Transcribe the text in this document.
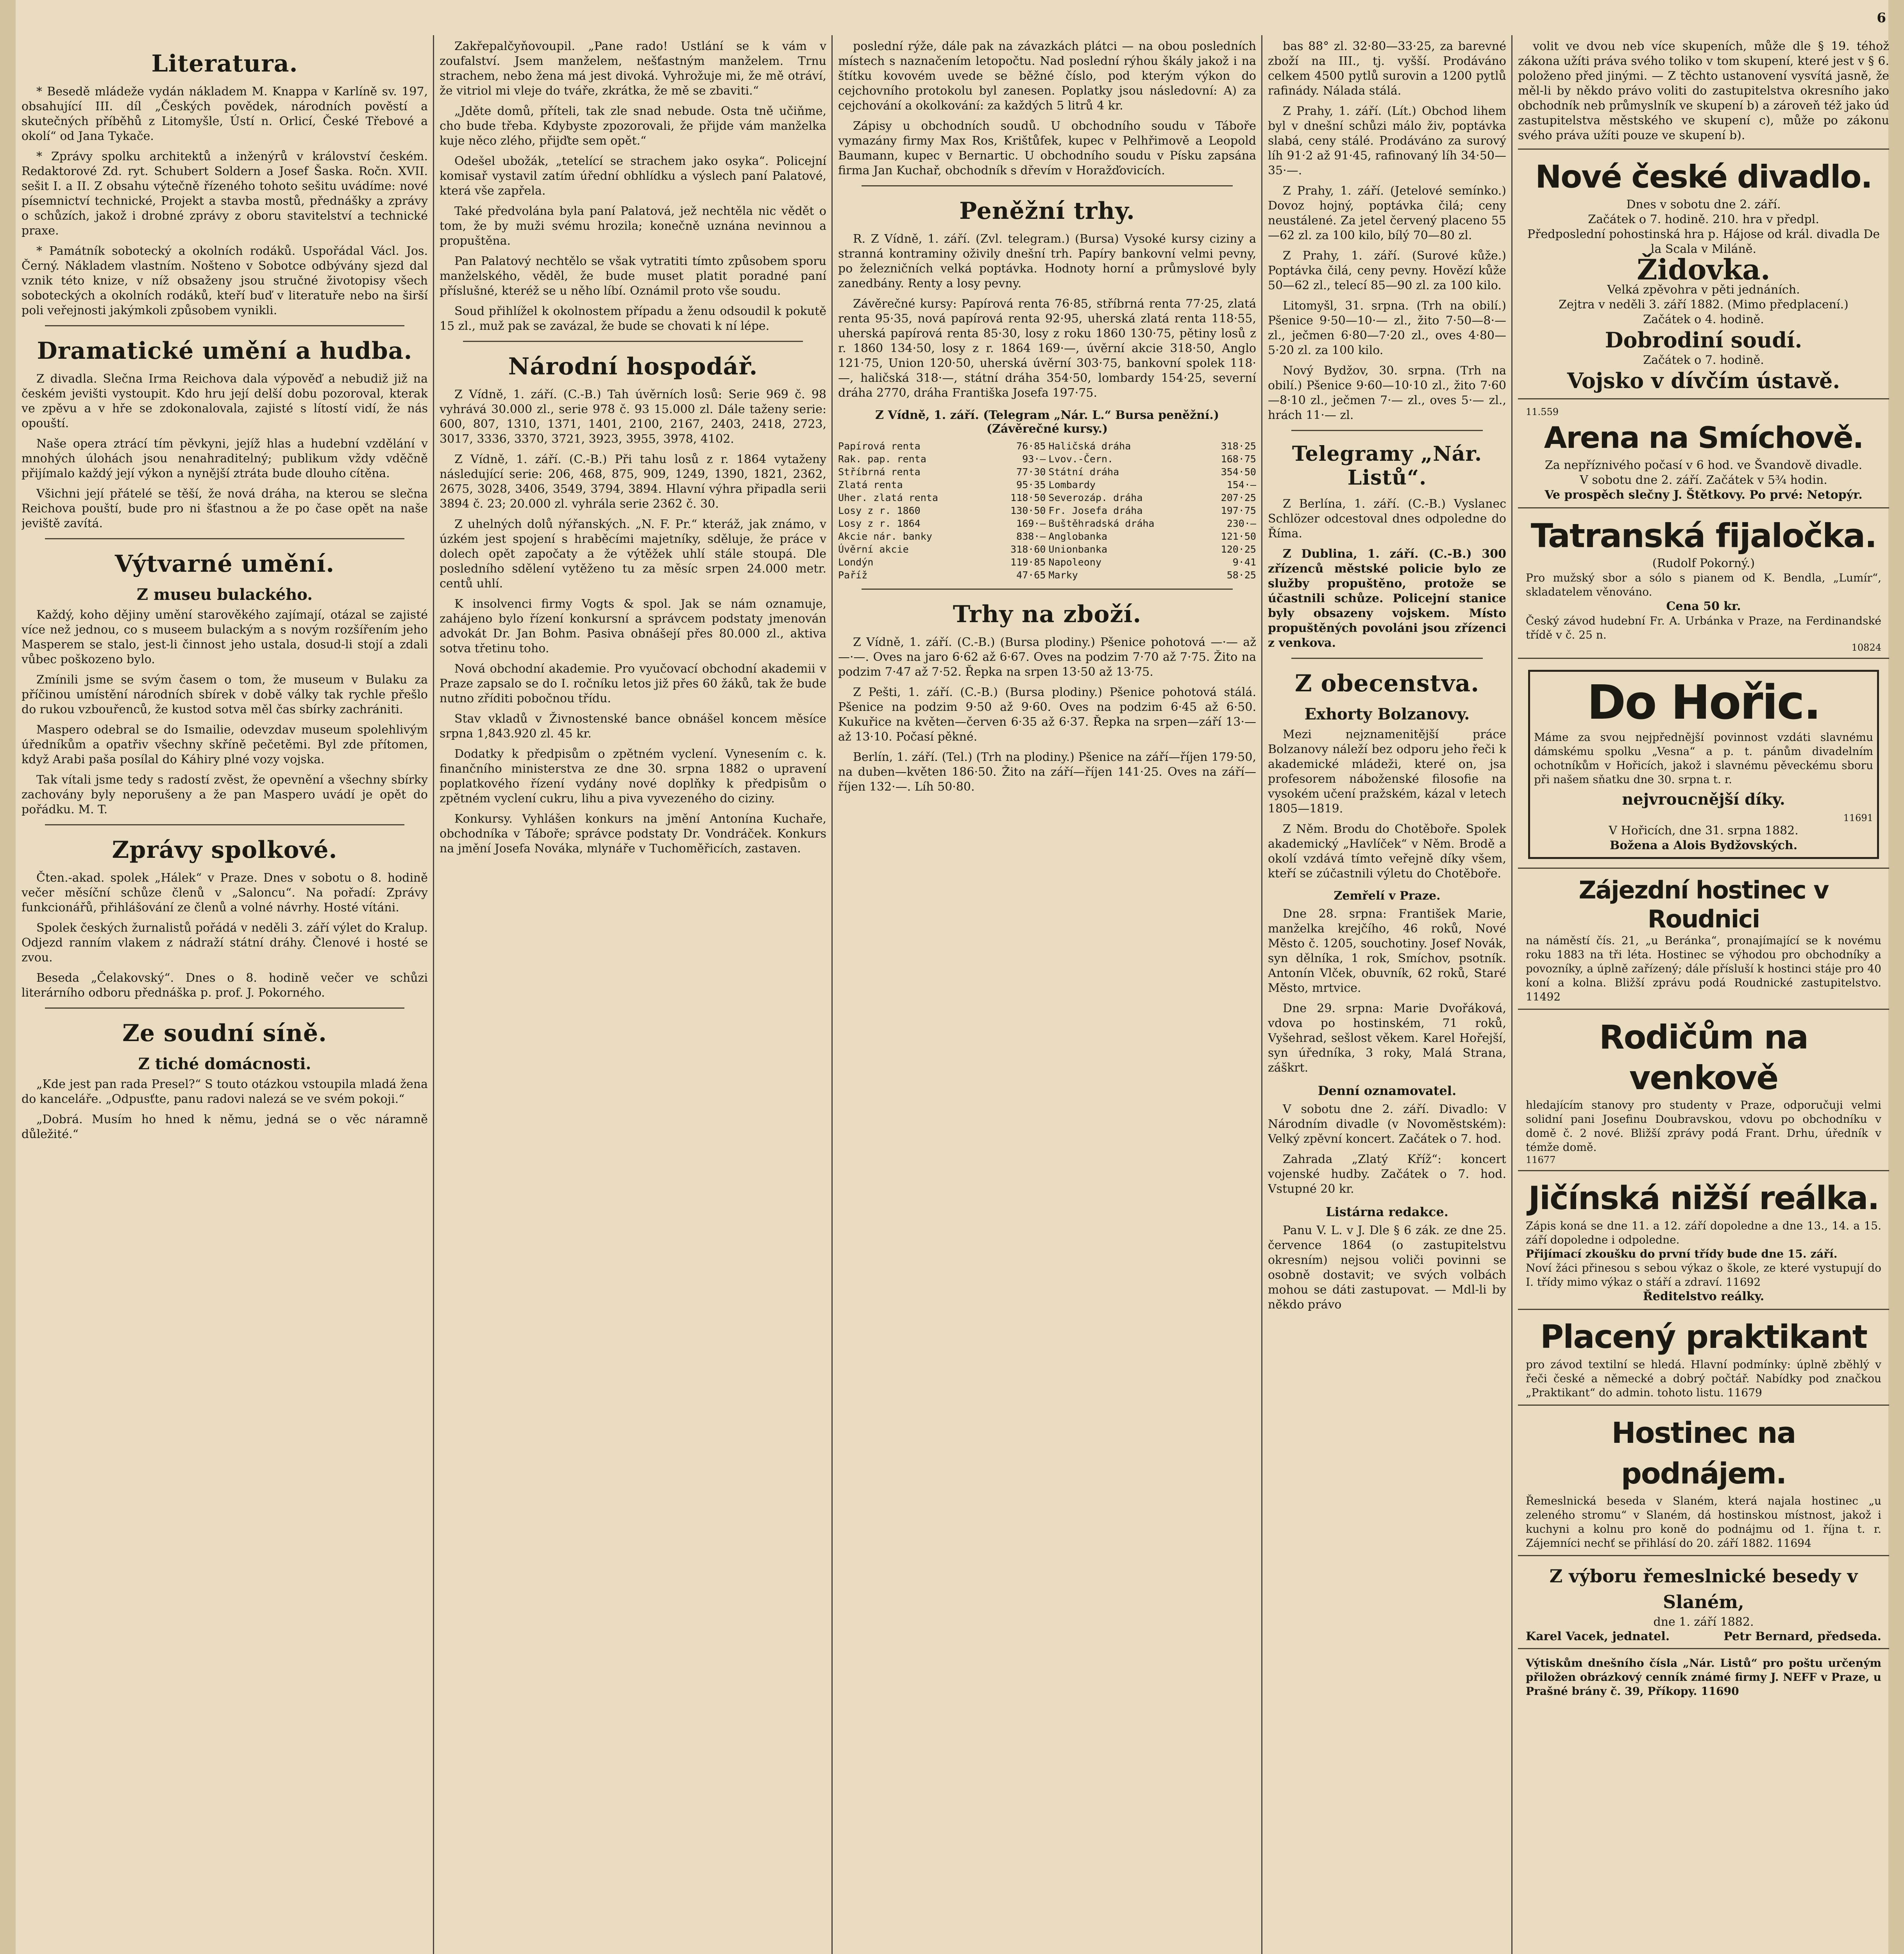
6
Literatura.

* Besedě mládeže vydán nákladem M. Knappa v Karlíně sv. 197, obsahující III. díl „Českých povědek, národních pověstí a skutečných příběhů z Litomyšle, Ústí n. Orlicí, České Třebové a okolí“ od Jana Tykače.

* Zprávy spolku architektů a inženýrů v království českém. Redaktorové Zd. ryt. Schubert Soldern a Josef Šaska. Ročn. XVII. sešit I. a II. Z obsahu výtečně řízeného tohoto sešitu uvádíme: nové písemnictví technické, Projekt a stavba mostů, přednášky a zprávy o schůzích, jakož i drobné zprávy z oboru stavitelství a technické praxe.

* Památník sobotecký a okolních rodáků. Uspořádal Václ. Jos. Černý. Nákladem vlastním. Nošteno v Sobotce odbývány sjezd dal vznik této knize, v níž obsaženy jsou stručné životopisy všech soboteckých a okolních rodáků, kteří buď v literatuře nebo na širší poli veřejnosti jakýmkoli způsobem vynikli.

Dramatické umění a hudba.

Z divadla. Slečna Irma Reichova dala výpověď a nebudiž již na českém jevišti vystoupit. Kdo hru její delší dobu pozoroval, kterak ve zpěvu a v hře se zdokonalovala, zajisté s lítostí vidí, že nás opouští.

Naše opera ztrácí tím pěvkyni, jejíž hlas a hudební vzdělání v mnohých úlohách jsou nenahraditelný; publikum vždy vděčně přijímalo každý její výkon a nynější ztráta bude dlouho cítěna.

Všichni její přátelé se těší, že nová dráha, na kterou se slečna Reichova pouští, bude pro ni šťastnou a že po čase opět na naše jeviště zavítá.

Výtvarné umění.
Z museu bulackého.

Každý, koho dějiny umění starověkého zajímají, otázal se zajisté více než jednou, co s museem bulackým a s novým rozšířením jeho Masperem se stalo, jest-li činnost jeho ustala, dosud-li stojí a zdali vůbec poškozeno bylo.

Zmínili jsme se svým časem o tom, že museum v Bulaku za příčinou umístění národních sbírek v době války tak rychle přešlo do rukou vzbouřenců, že kustod sotva měl čas sbírky zachrániti.

Maspero odebral se do Ismailie, odevzdav museum spolehlivým úředníkům a opatřiv všechny skříně pečetěmi. Byl zde přítomen, když Arabi paša posílal do Káhiry plné vozy vojska.

Tak vítali jsme tedy s radostí zvěst, že opevnění a všechny sbírky zachovány byly neporušeny a že pan Maspero uvádí je opět do pořádku. M. T.

Zprávy spolkové.

Čten.-akad. spolek „Hálek“ v Praze. Dnes v sobotu o 8. hodině večer měsíční schůze členů v „Saloncu“. Na pořadí: Zprávy funkcionářů, přihlášování ze členů a volné návrhy. Hosté vítáni.

Spolek českých žurnalistů pořádá v neděli 3. září výlet do Kralup. Odjezd ranním vlakem z nádraží státní dráhy. Členové i hosté se zvou.

Beseda „Čelakovský“. Dnes o 8. hodině večer ve schůzi literárního odboru přednáška p. prof. J. Pokorného.

Ze soudní síně.
Z tiché domácnosti.

„Kde jest pan rada Presel?“ S touto otázkou vstoupila mladá žena do kanceláře. „Odpusťte, panu radovi nalezá se ve svém pokoji.“

„Dobrá. Musím ho hned k němu, jedná se o věc náramně důležité.“

Zakřepalčyňovoupil. „Pane rado! Ustlání se k vám v zoufalství. Jsem manželem, nešťastným manželem. Trnu strachem, nebo žena má jest divoká. Vyhrožuje mi, že mě otráví, že vitriol mi vleje do tváře, zkrátka, že mě se zbaviti.“

„Jděte domů, příteli, tak zle snad nebude. Osta tně učiňme, cho bude třeba. Kdybyste zpozorovali, že přijde vám manželka kuje něco zlého, přijďte sem opět.“

Odešel ubožák, „tetelící se strachem jako osyka“. Policejní komisař vystavil zatím úřední obhlídku a výslech paní Palatové, která vše zapřela.

Také předvolána byla paní Palatová, jež nechtěla nic vědět o tom, že by muži svému hrozila; konečně uznána nevinnou a propuštěna.

Pan Palatový nechtělo se však vytratiti tímto způsobem sporu manželského, věděl, že bude muset platit poradné paní příslušné, kteréž se u něho líbí. Oznámil proto vše soudu.

Soud přihlížel k okolnostem případu a ženu odsoudil k pokutě 15 zl., muž pak se zavázal, že bude se chovati k ní lépe.

Národní hospodář.

Z Vídně, 1. září. (C.-B.) Tah úvěrních losů: Serie 969 č. 98 vyhrává 30.000 zl., serie 978 č. 93 15.000 zl. Dále taženy serie: 600, 807, 1310, 1371, 1401, 2100, 2167, 2403, 2418, 2723, 3017, 3336, 3370, 3721, 3923, 3955, 3978, 4102.

Z Vídně, 1. září. (C.-B.) Při tahu losů z r. 1864 vytaženy následující serie: 206, 468, 875, 909, 1249, 1390, 1821, 2362, 2675, 3028, 3406, 3549, 3794, 3894. Hlavní výhra připadla serii 3894 č. 23; 20.000 zl. vyhrála serie 2362 č. 30.

Z uhelných dolů nýřanských. „N. F. Pr.“ kteráž, jak známo, v úzkém jest spojení s hraběcími majetníky, sděluje, že práce v dolech opět započaty a že výtěžek uhlí stále stoupá. Dle posledního sdělení vytěženo tu za měsíc srpen 24.000 metr. centů uhlí.

K insolvenci firmy Vogts & spol. Jak se nám oznamuje, zahájeno bylo řízení konkursní a správcem podstaty jmenován advokát Dr. Jan Bohm. Pasiva obnášejí přes 80.000 zl., aktiva sotva třetinu toho.

Nová obchodní akademie. Pro vyučovací obchodní akademii v Praze zapsalo se do I. ročníku letos již přes 60 žáků, tak že bude nutno zříditi pobočnou třídu.

Stav vkladů v Živnostenské bance obnášel koncem měsíce srpna 1,843.920 zl. 45 kr.

Dodatky k předpisům o zpětném vyclení. Vynesením c. k. finančního ministerstva ze dne 30. srpna 1882 o upravení poplatkového řízení vydány nové doplňky k předpisům o zpětném vyclení cukru, lihu a piva vyvezeného do ciziny.

Konkursy. Vyhlášen konkurs na jmění Antonína Kuchaře, obchodníka v Táboře; správce podstaty Dr. Vondráček. Konkurs na jmění Josefa Nováka, mlynáře v Tuchoměřicích, zastaven.

poslední rýže, dále pak na závazkách plátci — na obou posledních místech s naznačením letopočtu. Nad poslední rýhou škály jakož i na štítku kovovém uvede se běžné číslo, pod kterým výkon do cejchovního protokolu byl zanesen. Poplatky jsou následovní: A) za cejchování a okolkování: za každých 5 litrů 4 kr.

Zápisy u obchodních soudů. U obchodního soudu v Táboře vymazány firmy Max Ros, Krištůfek, kupec v Pelhřimově a Leopold Baumann, kupec v Bernartic. U obchodního soudu v Písku zapsána firma Jan Kuchař, obchodník s dřevím v Horažďovicích.

Peněžní trhy.

R. Z Vídně, 1. září. (Zvl. telegram.) (Bursa) Vysoké kursy ciziny a stranná kontraminy oživily dnešní trh. Papíry bankovní velmi pevny, po železničních velká poptávka. Hodnoty horní a průmyslové byly zanedbány. Renty a losy pevny.

Závěrečné kursy: Papírová renta 76·85, stříbrná renta 77·25, zlatá renta 95·35, nová papírová renta 92·95, uherská zlatá renta 118·55, uherská papírová renta 85·30, losy z roku 1860 130·75, pětiny losů z r. 1860 134·50, losy z r. 1864 169·—, úvěrní akcie 318·50, Anglo 121·75, Union 120·50, uherská úvěrní 303·75, bankovní spolek 118·—, haličská 318·—, státní dráha 354·50, lombardy 154·25, severní dráha 2770, dráha Františka Josefa 197·75.

Z Vídně, 1. září. (Telegram „Nár. L.“ Bursa peněžní.) (Závěrečné kursy.)
Papírová renta	76·85 Haličská dráha	318·25
Rak. pap. renta	93·— Lvov.-Čern.	168·75
Stříbrná renta	77·30 Státní dráha	354·50
Zlatá renta	95·35 Lombardy	154·—
Uher. zlatá renta	118·50 Severozáp. dráha	207·25
Losy z r. 1860	130·50 Fr. Josefa dráha	197·75
Losy z r. 1864	169·— Buštěhradská dráha	230·—
Akcie nár. banky	838·— Anglobanka	121·50
Úvěrní akcie	318·60 Unionbanka	120·25
Londýn	119·85 Napoleony	9·41
Paříž	47·65 Marky	58·25
Trhy na zboží.

Z Vídně, 1. září. (C.-B.) (Bursa plodiny.) Pšenice pohotová —·— až —·—. Oves na jaro 6·62 až 6·67. Oves na podzim 7·70 až 7·75. Žito na podzim 7·47 až 7·52. Řepka na srpen 13·50 až 13·75.

Z Pešti, 1. září. (C.-B.) (Bursa plodiny.) Pšenice pohotová stálá. Pšenice na podzim 9·50 až 9·60. Oves na podzim 6·45 až 6·50. Kukuřice na květen—červen 6·35 až 6·37. Řepka na srpen—září 13·— až 13·10. Počasí pěkné.

Berlín, 1. září. (Tel.) (Trh na plodiny.) Pšenice na září—říjen 179·50, na duben—květen 186·50. Žito na září—říjen 141·25. Oves na září—říjen 132·—. Líh 50·80.

bas 88° zl. 32·80—33·25, za barevné zboží na III., tj. vyšší. Prodáváno celkem 4500 pytlů surovin a 1200 pytlů rafinády. Nálada stálá.

Z Prahy, 1. září. (Lít.) Obchod lihem byl v dnešní schůzi málo živ, poptávka slabá, ceny stálé. Prodáváno za surový líh 91·2 až 91·45, rafinovaný líh 34·50—35·—.

Z Prahy, 1. září. (Jetelové semínko.) Dovoz hojný, poptávka čilá; ceny neustálené. Za jetel červený placeno 55—62 zl. za 100 kilo, bílý 70—80 zl.

Z Prahy, 1. září. (Surové kůže.) Poptávka čilá, ceny pevny. Hovězí kůže 50—62 zl., telecí 85—90 zl. za 100 kilo.

Litomyšl, 31. srpna. (Trh na obilí.) Pšenice 9·50—10·— zl., žito 7·50—8·— zl., ječmen 6·80—7·20 zl., oves 4·80—5·20 zl. za 100 kilo.

Nový Bydžov, 30. srpna. (Trh na obilí.) Pšenice 9·60—10·10 zl., žito 7·60—8·10 zl., ječmen 7·— zl., oves 5·— zl., hrách 11·— zl.

Telegramy „Nár. Listů“.

Z Berlína, 1. září. (C.-B.) Vyslanec Schlözer odcestoval dnes odpoledne do Říma.

Z Dublina, 1. září. (C.-B.) 300 zřízenců městské policie bylo ze služby propuštěno, protože se účastnili schůze. Policejní stanice byly obsazeny vojskem. Místo propuštěných povoláni jsou zřízenci z venkova.

Z obecenstva.
Exhorty Bolzanovy.

Mezi nejznamenitější práce Bolzanovy náleží bez odporu jeho řeči k akademické mládeži, které on, jsa profesorem náboženské filosofie na vysokém učení pražském, kázal v letech 1805—1819.

Z Něm. Brodu do Chotěboře. Spolek akademický „Havlíček“ v Něm. Brodě a okolí vzdává tímto veřejně díky všem, kteří se zúčastnili výletu do Chotěboře.

Zemřelí v Praze.

Dne 28. srpna: František Marie, manželka krejčího, 46 roků, Nové Město č. 1205, souchotiny. Josef Novák, syn dělníka, 1 rok, Smíchov, psotník. Antonín Vlček, obuvník, 62 roků, Staré Město, mrtvice.

Dne 29. srpna: Marie Dvořáková, vdova po hostinském, 71 roků, Vyšehrad, sešlost věkem. Karel Hořejší, syn úředníka, 3 roky, Malá Strana, záškrt.

Denní oznamovatel.

V sobotu dne 2. září. Divadlo: V Národním divadle (v Novoměstském): Velký zpěvní koncert. Začátek o 7. hod.

Zahrada „Zlatý Kříž“: koncert vojenské hudby. Začátek o 7. hod. Vstupné 20 kr.

Listárna redakce.

Panu V. L. v J. Dle § 6 zák. ze dne 25. července 1864 (o zastupitelstvu okresním) nejsou voliči povinni se osobně dostavit; ve svých volbách mohou se dáti zastupovat. — Mdl-li by někdo právo

volit ve dvou neb více skupeních, může dle § 19. téhož zákona užíti práva svého toliko v tom skupení, které jest v § 6. položeno před jinými. — Z těchto ustanovení vysvítá jasně, že měl-li by někdo právo voliti do zastupitelstva okresního jako obchodník neb průmyslník ve skupení b) a zároveň též jako úd zastupitelstva městského ve skupení c), může po zákonu svého práva užíti pouze ve skupení b).

Nové české divadlo.
Dnes v sobotu dne 2. září.
Začátek o 7. hodině. 210. hra v předpl.
Předposlední pohostinská hra p. Hájose od král. divadla De la Scala v Miláně.
Židovka.
Velká zpěvohra v pěti jednáních.
Zejtra v neděli 3. září 1882. (Mimo předplacení.)
Začátek o 4. hodině.
Dobrodiní soudí.
Začátek o 7. hodině.
Vojsko v dívčím ústavě.
11.559
Arena na Smíchově.
Za nepříznivého počasí v 6 hod. ve Švandově divadle.
V sobotu dne 2. září. Začátek v 5¾ hodin.
Ve prospěch slečny J. Štětkovy. Po prvé: Netopýr.
Tatranská fijaločka.
(Rudolf Pokorný.)
Pro mužský sbor a sólo s pianem od K. Bendla, „Lumír“, skladatelem věnováno.
Cena 50 kr.
Český závod hudební Fr. A. Urbánka v Praze, na Ferdinandské třídě v č. 25 n.
10824
Do Hořic.
Máme za svou nejpřednější povinnost vzdáti slavnému dámskému spolku „Vesna“ a p. t. pánům divadelním ochotníkům v Hořicích, jakož i slavnému pěveckému sboru při našem sňatku dne 30. srpna t. r.
nejvroucnější díky.
11691
V Hořicích, dne 31. srpna 1882.
Božena a Alois Bydžovských.
Zájezdní hostinec v Roudnici
na náměstí čís. 21, „u Beránka“, pronajímající se k novému roku 1883 na tři léta. Hostinec se výhodou pro obchodníky a povozníky, a úplně zařízený; dále přísluší k hostinci stáje pro 40 koní a kolna. Bližší zprávu podá Roudnické zastupitelstvo. 11492
Rodičům na venkově
hledajícím stanovy pro studenty v Praze, odporučuji velmi solidní pani Josefinu Doubravskou, vdovu po obchodníku v domě č. 2 nové. Bližší zprávy podá Frant. Drhu, úředník v témže domě.
11677
Jičínská nižší reálka.
Zápis koná se dne 11. a 12. září dopoledne a dne 13., 14. a 15. září dopoledne i odpoledne.
Přijímací zkoušku do první třídy bude dne 15. září.
Noví žáci přinesou s sebou výkaz o škole, ze které vystupují do I. třídy mimo výkaz o stáří a zdraví. 11692
Ředitelstvo reálky.
Placený praktikant
pro závod textilní se hledá. Hlavní podmínky: úplně zběhlý v řeči české a německé a dobrý počtář. Nabídky pod značkou „Praktikant“ do admin. tohoto listu. 11679
Hostinec na podnájem.
Řemeslnická beseda v Slaném, která najala hostinec „u zeleného stromu“ v Slaném, dá hostinskou místnost, jakož i kuchyni a kolnu pro koně do podnájmu od 1. října t. r. Zájemníci nechť se přihlásí do 20. září 1882. 11694
Z výboru řemeslnické besedy v Slaném,
dne 1. září 1882.
Karel Vacek, jednatel.	Petr Bernard, předseda.
Výtiskům dnešního čísla „Nár. Listů“ pro poštu určeným přiložen obrázkový cenník známé firmy J. NEFF v Praze, u Prašné brány č. 39, Příkopy. 11690
